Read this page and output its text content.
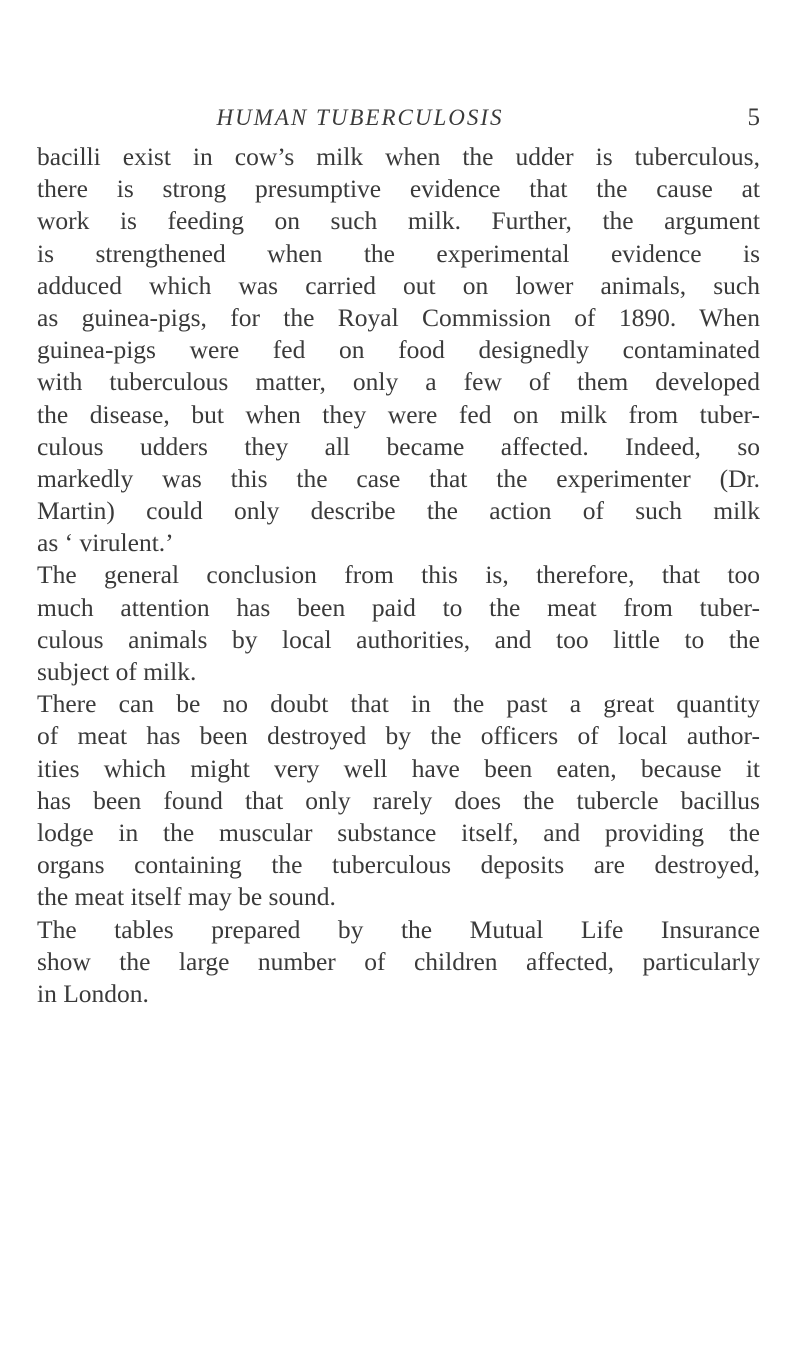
HUMAN TUBERCULOSIS	5
bacilli exist in cow’s milk when the udder is tuberculous,
there is strong presumptive evidence that the cause at
work is feeding on such milk. Further, the argument
is strengthened when the experimental evidence is
adduced which was carried out on lower animals, such
as guinea-pigs, for the Royal Commission of 1890. When
guinea-pigs were fed on food designedly contaminated
with tuberculous matter, only a few of them developed
the disease, but when they were fed on milk from tuber-
culous udders they all became affected. Indeed, so
markedly was this the case that the experimenter (Dr.
Martin) could only describe the action of such milk
as ‘ virulent.’
The general conclusion from this is, therefore, that too
much attention has been paid to the meat from tuber-
culous animals by local authorities, and too little to the
subject of milk.
There can be no doubt that in the past a great quantity
of meat has been destroyed by the officers of local author-
ities which might very well have been eaten, because it
has been found that only rarely does the tubercle bacillus
lodge in the muscular substance itself, and providing the
organs containing the tuberculous deposits are destroyed,
the meat itself may be sound.
The tables prepared by the Mutual Life Insurance
show the large number of children affected, particularly
in London.
